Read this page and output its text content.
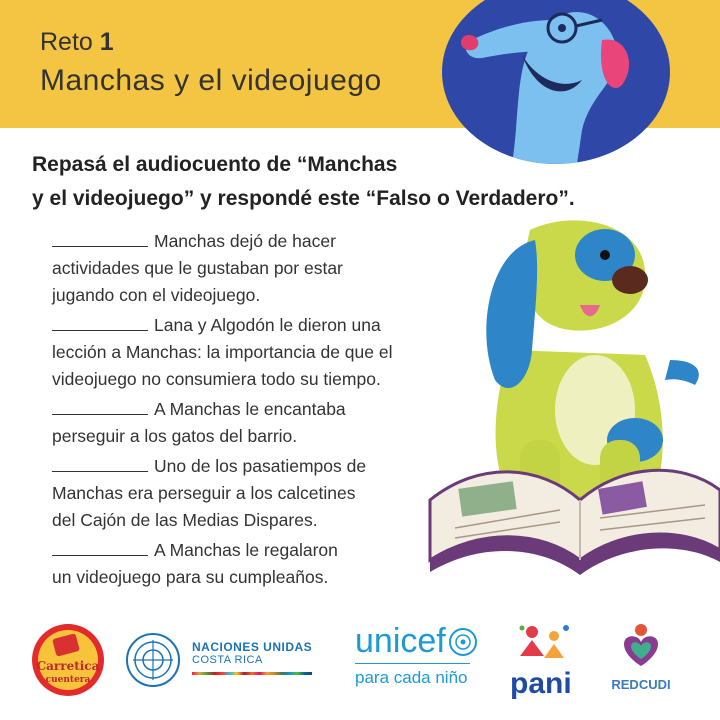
Reto 1
Manchas y el videojuego
Repasá el audiocuento de “Manchas
y el videojuego” y respondé este “Falso o Verdadero”.
Manchas dejó de hacer
actividades que le gustaban por estar
jugando con el videojuego.
Lana y Algodón le dieron una
lección a Manchas: la importancia de que el
videojuego no consumiera todo su tiempo.
A Manchas le encantaba
perseguir a los gatos del barrio.
Uno de los pasatiempos de
Manchas era perseguir a los calcetines
del Cajón de las Medias Dispares.
A Manchas le regalaron
un videojuego para su cumpleaños.
Carretica
cuentera
NACIONES UNIDAS
COSTA RICA	unicef
para cada niño	pani	REDCUDI
